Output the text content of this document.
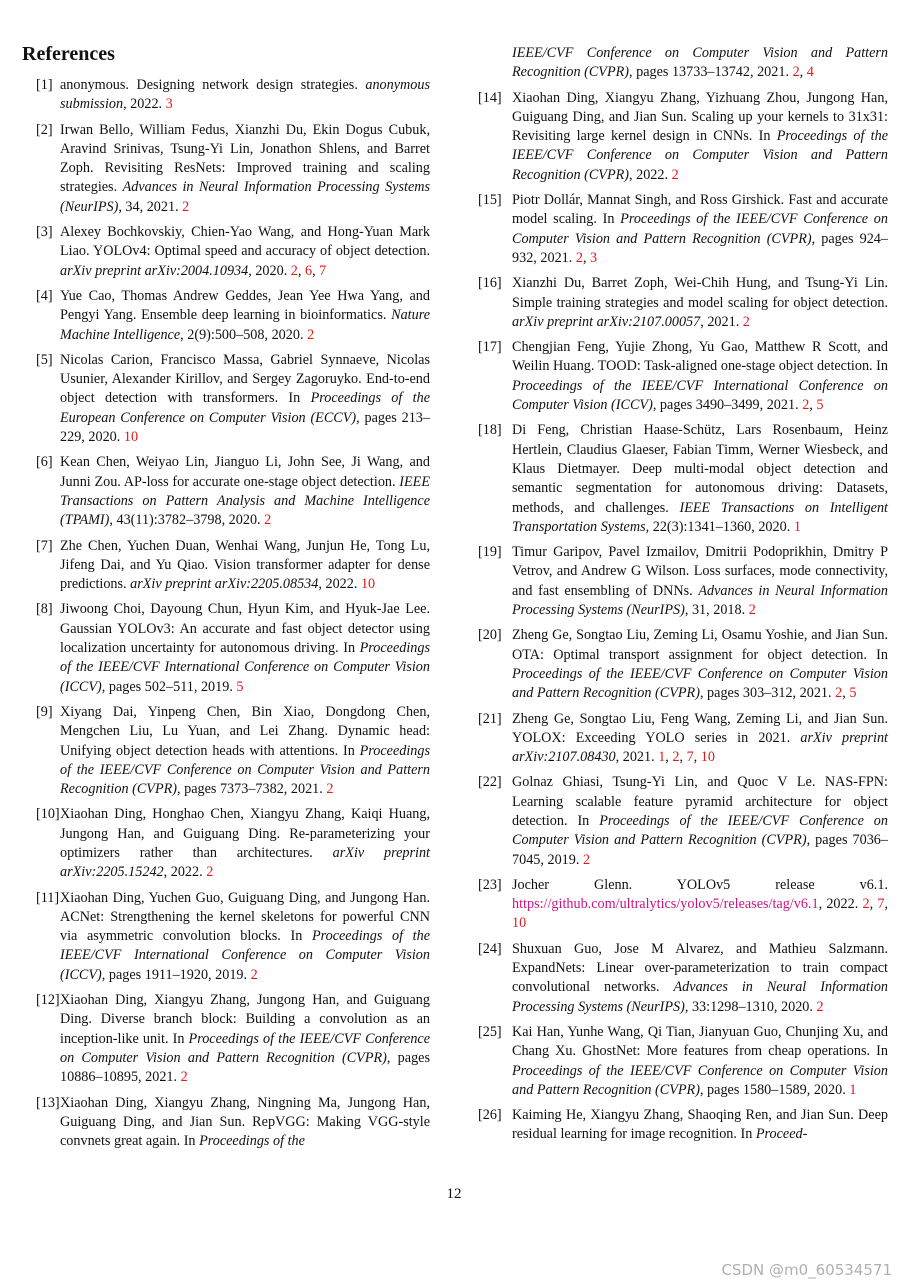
References
[1] anonymous. Designing network design strategies. anonymous submission, 2022. 3
[2] Irwan Bello, William Fedus, Xianzhi Du, Ekin Dogus Cubuk, Aravind Srinivas, Tsung-Yi Lin, Jonathon Shlens, and Barret Zoph. Revisiting ResNets: Improved training and scaling strategies. Advances in Neural Information Processing Systems (NeurIPS), 34, 2021. 2
[3] Alexey Bochkovskiy, Chien-Yao Wang, and Hong-Yuan Mark Liao. YOLOv4: Optimal speed and accuracy of object detection. arXiv preprint arXiv:2004.10934, 2020. 2, 6, 7
[4] Yue Cao, Thomas Andrew Geddes, Jean Yee Hwa Yang, and Pengyi Yang. Ensemble deep learning in bioinformatics. Nature Machine Intelligence, 2(9):500–508, 2020. 2
[5] Nicolas Carion, Francisco Massa, Gabriel Synnaeve, Nicolas Usunier, Alexander Kirillov, and Sergey Zagoruyko. End-to-end object detection with transformers. In Proceedings of the European Conference on Computer Vision (ECCV), pages 213–229, 2020. 10
[6] Kean Chen, Weiyao Lin, Jianguo Li, John See, Ji Wang, and Junni Zou. AP-loss for accurate one-stage object detection. IEEE Transactions on Pattern Analysis and Machine Intelligence (TPAMI), 43(11):3782–3798, 2020. 2
[7] Zhe Chen, Yuchen Duan, Wenhai Wang, Junjun He, Tong Lu, Jifeng Dai, and Yu Qiao. Vision transformer adapter for dense predictions. arXiv preprint arXiv:2205.08534, 2022. 10
[8] Jiwoong Choi, Dayoung Chun, Hyun Kim, and Hyuk-Jae Lee. Gaussian YOLOv3: An accurate and fast object detector using localization uncertainty for autonomous driving. In Proceedings of the IEEE/CVF International Conference on Computer Vision (ICCV), pages 502–511, 2019. 5
[9] Xiyang Dai, Yinpeng Chen, Bin Xiao, Dongdong Chen, Mengchen Liu, Lu Yuan, and Lei Zhang. Dynamic head: Unifying object detection heads with attentions. In Proceedings of the IEEE/CVF Conference on Computer Vision and Pattern Recognition (CVPR), pages 7373–7382, 2021. 2
[10] Xiaohan Ding, Honghao Chen, Xiangyu Zhang, Kaiqi Huang, Jungong Han, and Guiguang Ding. Re-parameterizing your optimizers rather than architectures. arXiv preprint arXiv:2205.15242, 2022. 2
[11] Xiaohan Ding, Yuchen Guo, Guiguang Ding, and Jungong Han. ACNet: Strengthening the kernel skeletons for powerful CNN via asymmetric convolution blocks. In Proceedings of the IEEE/CVF International Conference on Computer Vision (ICCV), pages 1911–1920, 2019. 2
[12] Xiaohan Ding, Xiangyu Zhang, Jungong Han, and Guiguang Ding. Diverse branch block: Building a convolution as an inception-like unit. In Proceedings of the IEEE/CVF Conference on Computer Vision and Pattern Recognition (CVPR), pages 10886–10895, 2021. 2
[13] Xiaohan Ding, Xiangyu Zhang, Ningning Ma, Jungong Han, Guiguang Ding, and Jian Sun. RepVGG: Making VGG-style convnets great again. In Proceedings of the
IEEE/CVF Conference on Computer Vision and Pattern Recognition (CVPR), pages 13733–13742, 2021. 2, 4
[14] Xiaohan Ding, Xiangyu Zhang, Yizhuang Zhou, Jungong Han, Guiguang Ding, and Jian Sun. Scaling up your kernels to 31x31: Revisiting large kernel design in CNNs. In Proceedings of the IEEE/CVF Conference on Computer Vision and Pattern Recognition (CVPR), 2022. 2
[15] Piotr Dollár, Mannat Singh, and Ross Girshick. Fast and accurate model scaling. In Proceedings of the IEEE/CVF Conference on Computer Vision and Pattern Recognition (CVPR), pages 924–932, 2021. 2, 3
[16] Xianzhi Du, Barret Zoph, Wei-Chih Hung, and Tsung-Yi Lin. Simple training strategies and model scaling for object detection. arXiv preprint arXiv:2107.00057, 2021. 2
[17] Chengjian Feng, Yujie Zhong, Yu Gao, Matthew R Scott, and Weilin Huang. TOOD: Task-aligned one-stage object detection. In Proceedings of the IEEE/CVF International Conference on Computer Vision (ICCV), pages 3490–3499, 2021. 2, 5
[18] Di Feng, Christian Haase-Schütz, Lars Rosenbaum, Heinz Hertlein, Claudius Glaeser, Fabian Timm, Werner Wiesbeck, and Klaus Dietmayer. Deep multi-modal object detection and semantic segmentation for autonomous driving: Datasets, methods, and challenges. IEEE Transactions on Intelligent Transportation Systems, 22(3):1341–1360, 2020. 1
[19] Timur Garipov, Pavel Izmailov, Dmitrii Podoprikhin, Dmitry P Vetrov, and Andrew G Wilson. Loss surfaces, mode connectivity, and fast ensembling of DNNs. Advances in Neural Information Processing Systems (NeurIPS), 31, 2018. 2
[20] Zheng Ge, Songtao Liu, Zeming Li, Osamu Yoshie, and Jian Sun. OTA: Optimal transport assignment for object detection. In Proceedings of the IEEE/CVF Conference on Computer Vision and Pattern Recognition (CVPR), pages 303–312, 2021. 2, 5
[21] Zheng Ge, Songtao Liu, Feng Wang, Zeming Li, and Jian Sun. YOLOX: Exceeding YOLO series in 2021. arXiv preprint arXiv:2107.08430, 2021. 1, 2, 7, 10
[22] Golnaz Ghiasi, Tsung-Yi Lin, and Quoc V Le. NAS-FPN: Learning scalable feature pyramid architecture for object detection. In Proceedings of the IEEE/CVF Conference on Computer Vision and Pattern Recognition (CVPR), pages 7036–7045, 2019. 2
[23] Jocher Glenn. YOLOv5 release v6.1. https://github.com/ultralytics/yolov5/releases/tag/v6.1, 2022. 2, 7, 10
[24] Shuxuan Guo, Jose M Alvarez, and Mathieu Salzmann. ExpandNets: Linear over-parameterization to train compact convolutional networks. Advances in Neural Information Processing Systems (NeurIPS), 33:1298–1310, 2020. 2
[25] Kai Han, Yunhe Wang, Qi Tian, Jianyuan Guo, Chunjing Xu, and Chang Xu. GhostNet: More features from cheap operations. In Proceedings of the IEEE/CVF Conference on Computer Vision and Pattern Recognition (CVPR), pages 1580–1589, 2020. 1
[26] Kaiming He, Xiangyu Zhang, Shaoqing Ren, and Jian Sun. Deep residual learning for image recognition. In Proceed-
12
CSDN @m0_60534571
